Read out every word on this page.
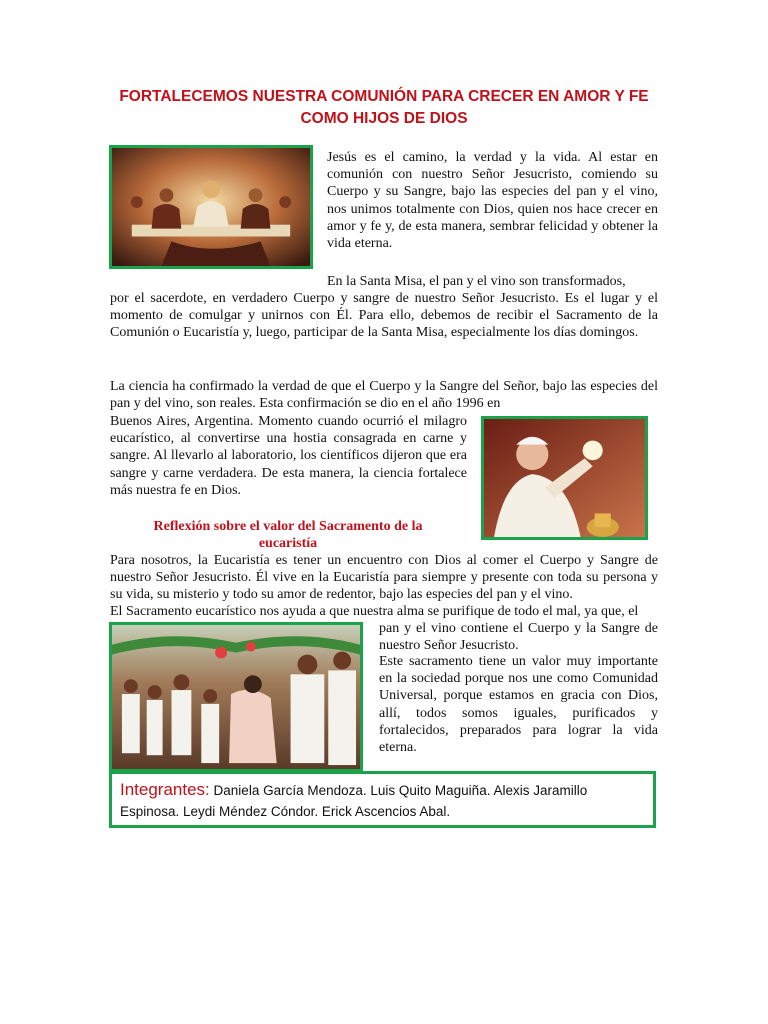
FORTALECEMOS NUESTRA COMUNIÓN PARA CRECER EN AMOR Y FE COMO HIJOS DE DIOS

Jesús es el camino, la verdad y la vida. Al estar en comunión con nuestro Señor Jesucristo, comiendo su Cuerpo y su Sangre, bajo las especies del pan y el vino, nos unimos totalmente con Dios, quien nos hace crecer en amor y fe y, de esta manera, sembrar felicidad y obtener la vida eterna.

En la Santa Misa, el pan y el vino son transformados,

por el sacerdote, en verdadero Cuerpo y sangre de nuestro Señor Jesucristo. Es el lugar y el momento de comulgar y unirnos con Él. Para ello, debemos de recibir el Sacramento de la Comunión o Eucaristía y, luego, participar de la Santa Misa, especialmente los días domingos.

La ciencia ha confirmado la verdad de que el Cuerpo y la Sangre del Señor, bajo las especies del pan y del vino, son reales. Esta confirmación se dio en el año 1996 en

Buenos Aires, Argentina. Momento cuando ocurrió el milagro eucarístico, al convertirse una hostia consagrada en carne y sangre. Al llevarlo al laboratorio, los científicos dijeron que era sangre y carne verdadera. De esta manera, la ciencia fortalece más nuestra fe en Dios.

Reflexión sobre el valor del Sacramento de la eucaristía

Para nosotros, la Eucaristía es tener un encuentro con Dios al comer el Cuerpo y Sangre de nuestro Señor Jesucristo. Él vive en la Eucaristía para siempre y presente con toda su persona y su vida, su misterio y todo su amor de redentor, bajo las especies del pan y el vino.

El Sacramento eucarístico nos ayuda a que nuestra alma se purifique de todo el mal, ya que, el

pan y el vino contiene el Cuerpo y la Sangre de nuestro Señor Jesucristo.

Este sacramento tiene un valor muy importante en la sociedad porque nos une como Comunidad Universal, porque estamos en gracia con Dios, allí, todos somos iguales, purificados y fortalecidos, preparados para lograr la vida eterna.

Integrantes: Daniela García Mendoza. Luis Quito Maguiña. Alexis Jaramillo Espinosa. Leydi Méndez Cóndor. Erick Ascencios Abal.
